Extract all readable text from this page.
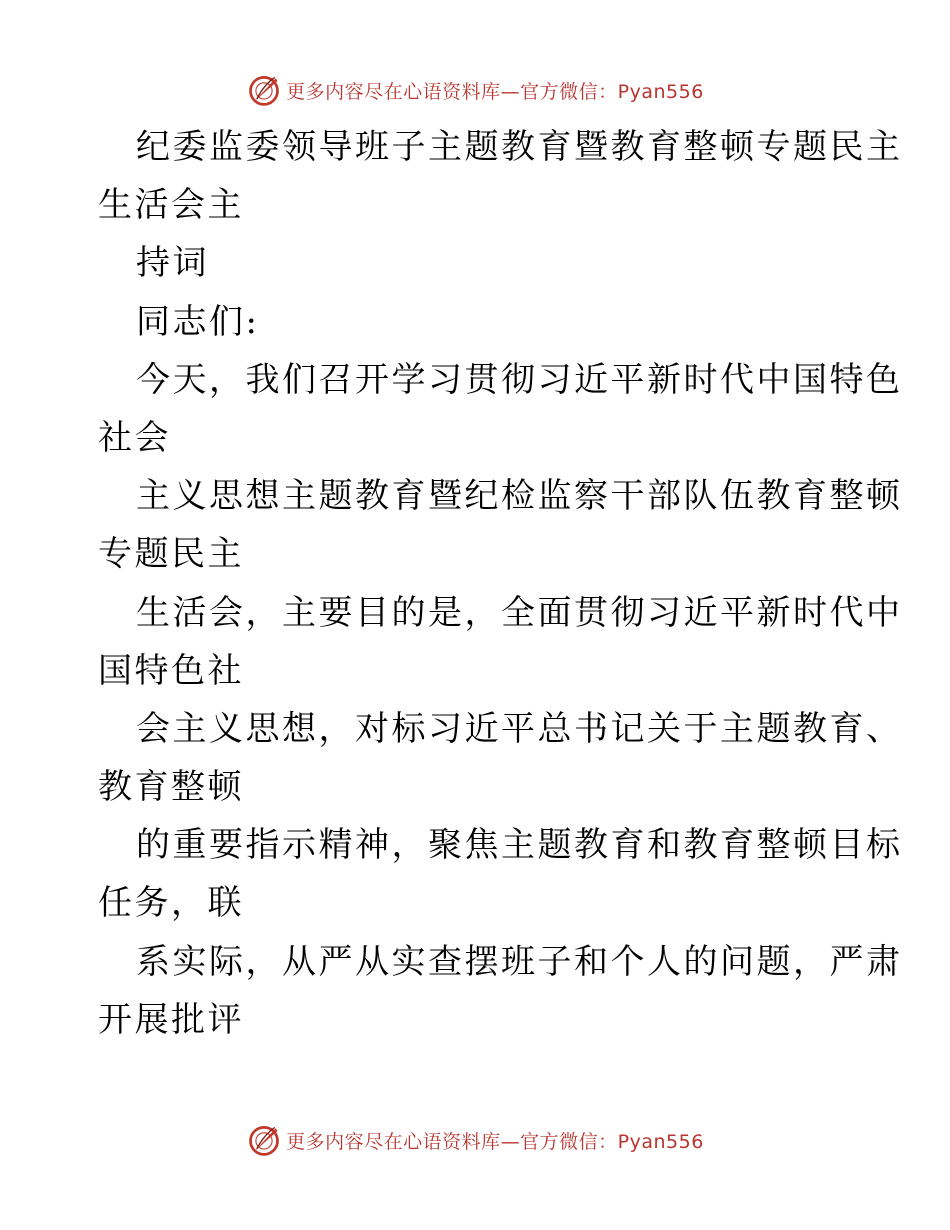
更多内容尽在心语资料库—官方微信：Pyan556
纪委监委领导班子主题教育暨教育整顿专题民主
生活会主
持词
同志们:
今天，我们召开学习贯彻习近平新时代中国特色
社会
主义思想主题教育暨纪检监察干部队伍教育整顿
专题民主
生活会，主要目的是，全面贯彻习近平新时代中
国特色社
会主义思想，对标习近平总书记关于主题教育、
教育整顿
的重要指示精神，聚焦主题教育和教育整顿目标
任务，联
系实际，从严从实查摆班子和个人的问题，严肃
开展批评
更多内容尽在心语资料库—官方微信：Pyan556
